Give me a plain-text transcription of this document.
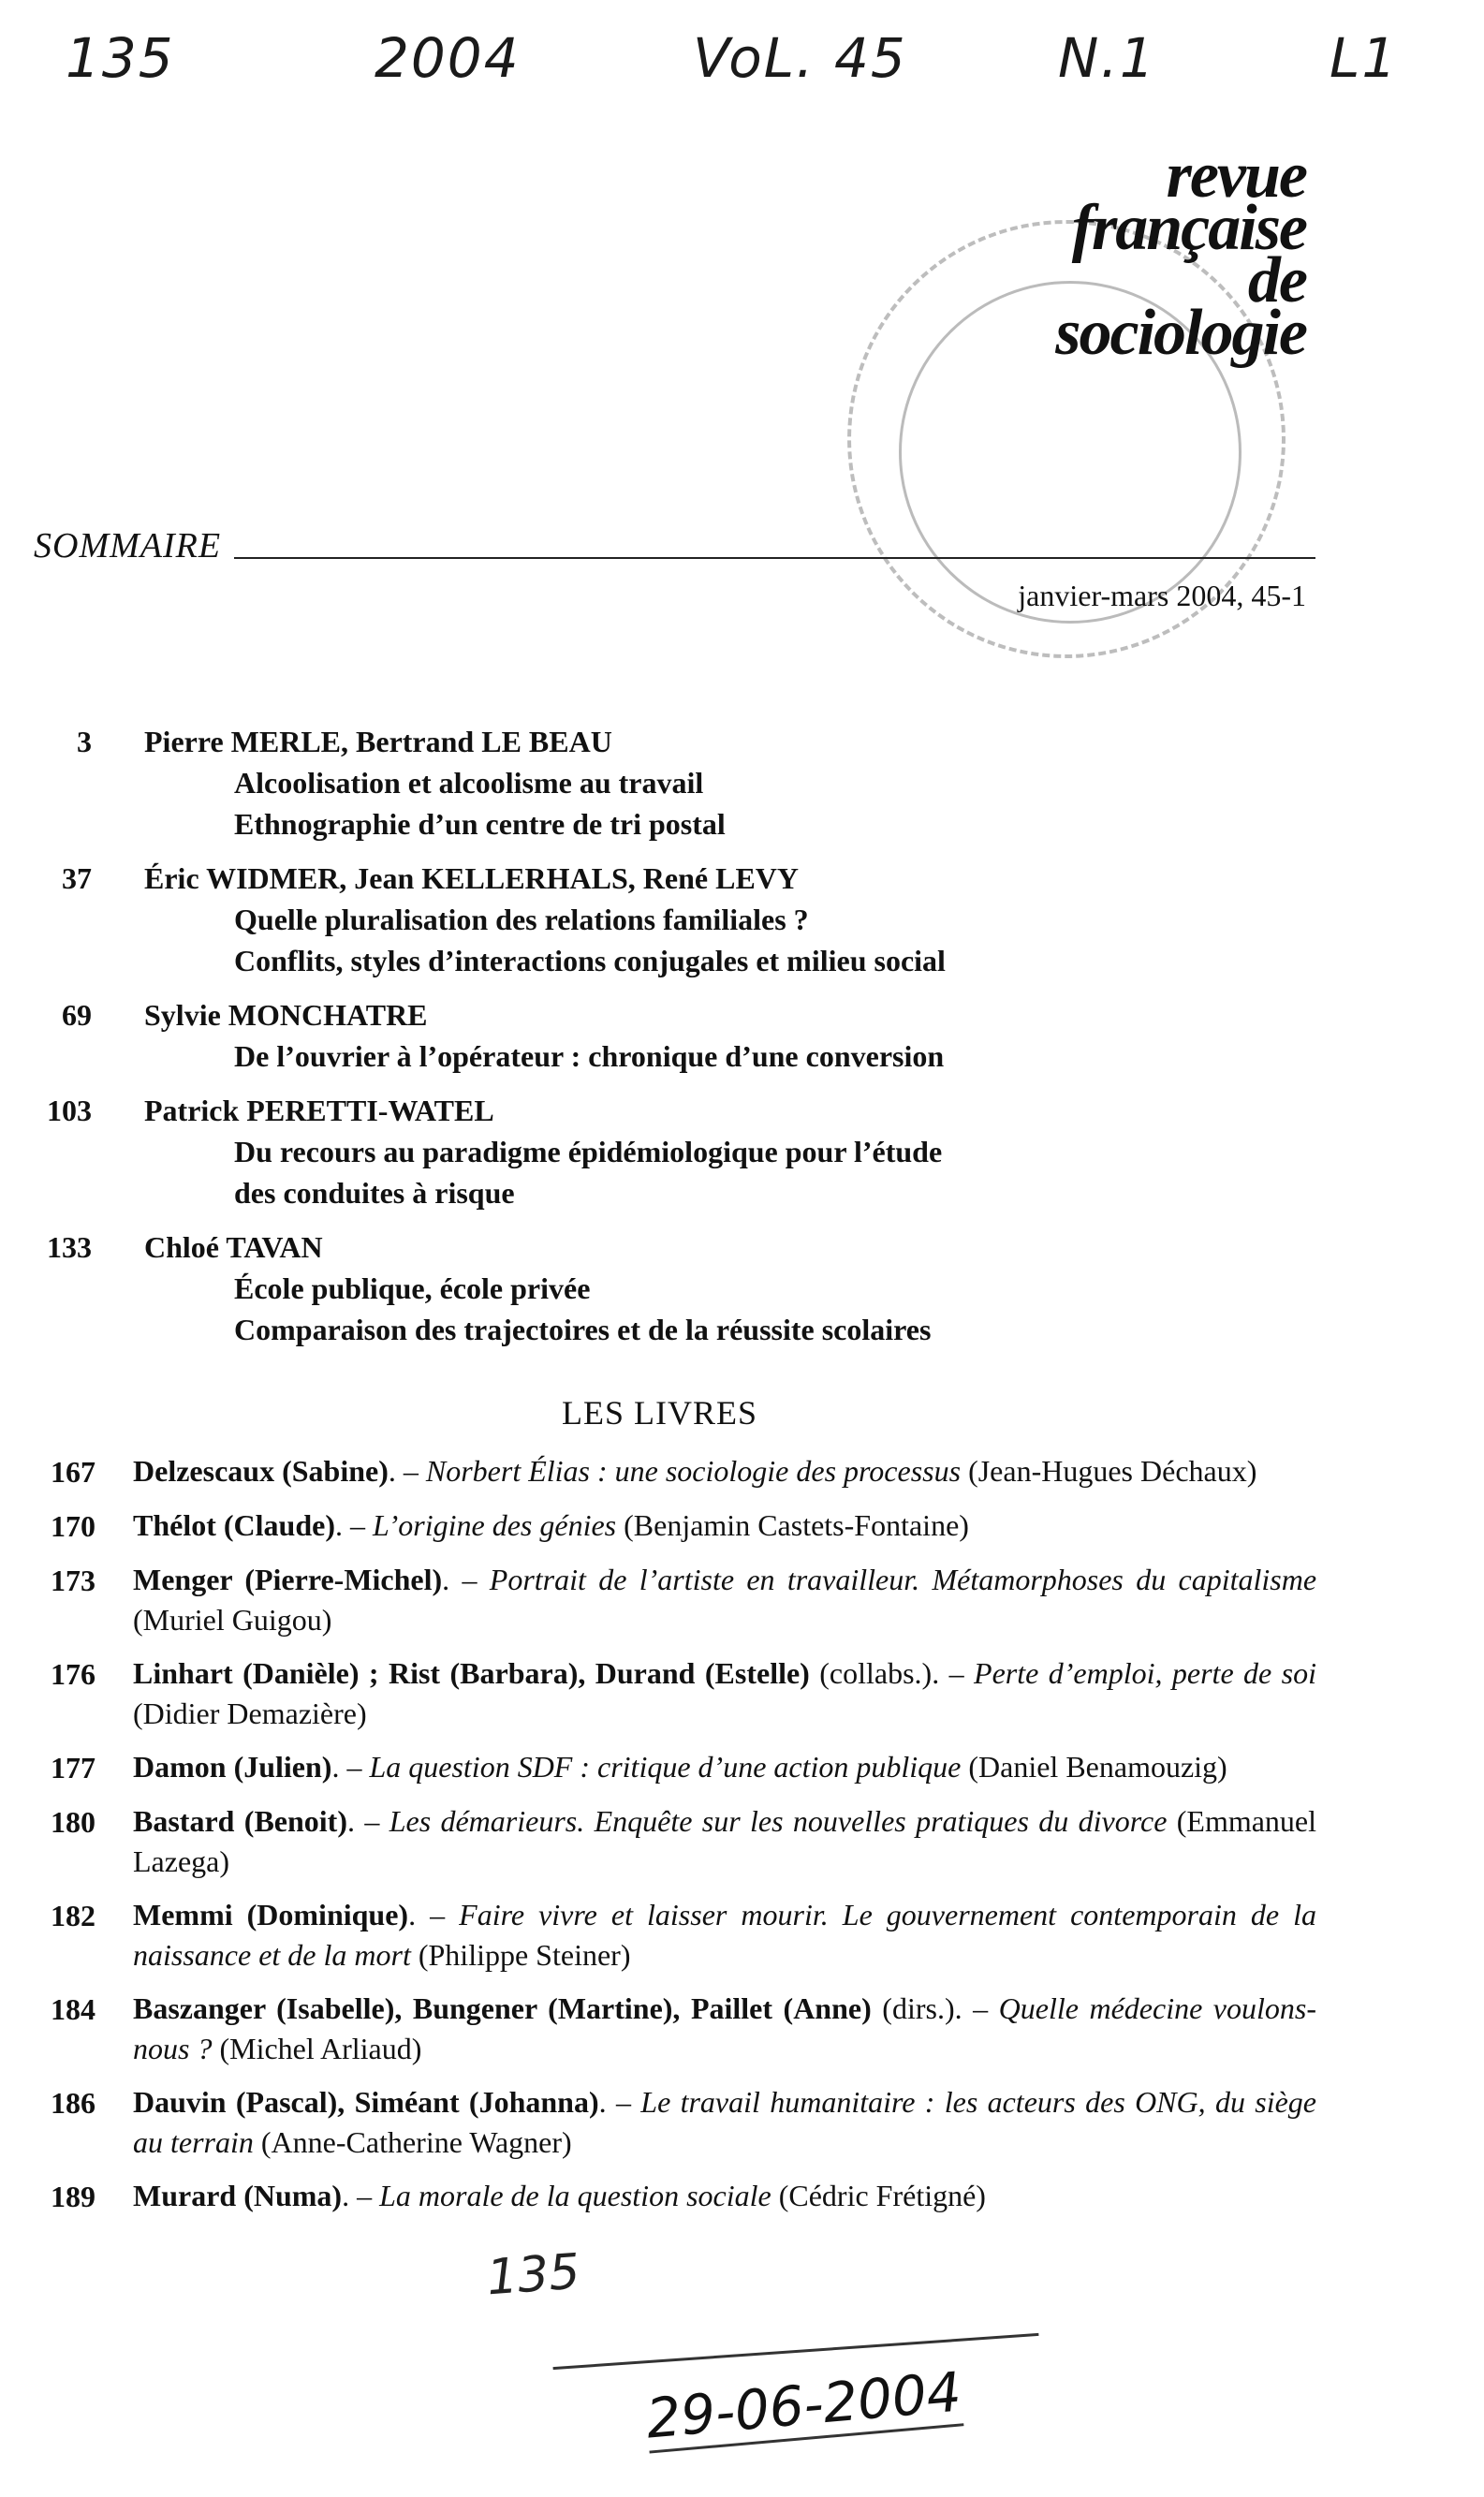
135	2004	VoL. 45	N.1	L1
revue
française
de
sociologie
SOMMAIRE
janvier-mars 2004, 45-1
3 Pierre MERLE, Bertrand LE BEAU
Alcoolisation et alcoolisme au travail
Ethnographie d’un centre de tri postal
37 Éric WIDMER, Jean KELLERHALS, René LEVY
Quelle pluralisation des relations familiales ?
Conflits, styles d’interactions conjugales et milieu social
69 Sylvie MONCHATRE
De l’ouvrier à l’opérateur : chronique d’une conversion
103 Patrick PERETTI-WATEL
Du recours au paradigme épidémiologique pour l’étude
des conduites à risque
133 Chloé TAVAN
École publique, école privée
Comparaison des trajectoires et de la réussite scolaires
LES LIVRES
167 Delzescaux (Sabine). – Norbert Élias : une sociologie des processus (Jean-Hugues Déchaux)
170 Thélot (Claude). – L’origine des génies (Benjamin Castets-Fontaine)
173 Menger (Pierre-Michel). – Portrait de l’artiste en travailleur. Métamorphoses du capitalisme (Muriel Guigou)
176 Linhart (Danièle) ; Rist (Barbara), Durand (Estelle) (collabs.). – Perte d’emploi, perte de soi (Didier Demazière)
177 Damon (Julien). – La question SDF : critique d’une action publique (Daniel Benamouzig)
180 Bastard (Benoit). – Les démarieurs. Enquête sur les nouvelles pratiques du divorce (Emmanuel Lazega)
182 Memmi (Dominique). – Faire vivre et laisser mourir. Le gouvernement contemporain de la naissance et de la mort (Philippe Steiner)
184 Baszanger (Isabelle), Bungener (Martine), Paillet (Anne) (dirs.). – Quelle médecine voulons-nous ? (Michel Arliaud)
186 Dauvin (Pascal), Siméant (Johanna). – Le travail humanitaire : les acteurs des ONG, du siège au terrain (Anne-Catherine Wagner)
189 Murard (Numa). – La morale de la question sociale (Cédric Frétigné)
135
29-06-2004
